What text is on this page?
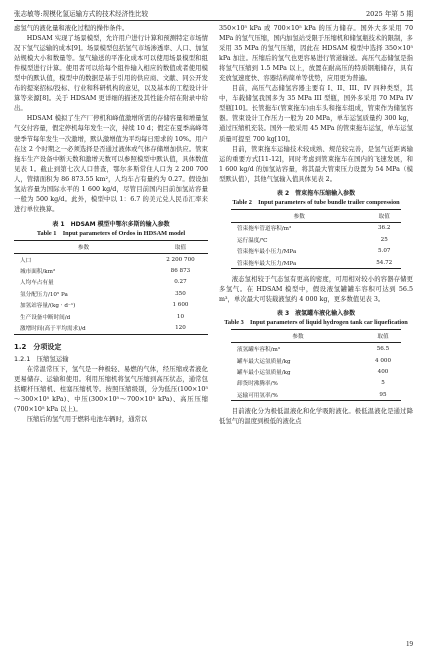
张志敏等:规模化氢运输方式的技术经济性比较	2025 年第 5 期

虑氢气的液化量和液化过程的操作条件。

HDSAM 实现了场景模型，允许用户进行计算和预测特定市场情况下氢气运输的成本[9]。场景模型包括氢气市场渗透率、人口、加氢站规模大小和数量等。氢气输送的平准化成本可以使用场景模型和组件模型进行计算。使用者可以给每个组件输入相应的数值或者使用模型中的默认值，模型中的数据是基于引用的供应商、文献、同公开发布的提案招标/投标、行业和科研机构的意见，以及基本的工程设计计算等来源[8]。关于 HDSAM 更详细的描述及其性能介绍在附录中给出。

HDSAM 模拟了生产厂停机和峰值激增所需的存储容量和增量氢气交付容量，假定停机每年发生一次，持续 10 d；假定在夏季高峰驾驶季节每年发生一次激增，默认激增值为平均每日需求的 10%。用户在这 2 个时期之一必须选择是否通过液体或气体存储增加供应。管束拖车生产设备中断天数和激增天数可以参照模型中默认值，具体数值见表 1。截止到第七次人口普查，鄂尔多斯常住人口为 2 200 700 人，管辖面积为 86 873.55 km²，人均车占有量约为 0.27。假设加氢站容量为国际水平的 1 600 kg/d，尽管目前国内目前加氢站容量一般为 500 kg/d。此外，模型中以 1：6.7 的美元兑人民币汇率来进行单位换算。

表 1　HDSAM 模型中鄂尔多斯的输入参数

Table 1　Input parameters of Ordos in HDSAM model

参数	取值
人口	2 200 700
城市面积/km²	86 873
人均车占有量	0.27
氢分配压力/10⁵ Pa	350
加氢站容量/(kg · d⁻¹)	1 600
生产设备中断时间/d	10
激增时间(高于平均需求)/d	120

1.2　分项设定

1.2.1　压缩氢运输

在常温常压下，氢气是一种极轻、易燃的气体，经压缩或者液化更易储存、运输和使用。利用压缩机将氢气压缩到高压状态，通常包括螺杆压缩机、柱塞压缩机等。按照压缩级别，分为低压(100×10⁵～300×10⁵ kPa)、中压(300×10⁵～700×10⁵ kPa)、高压压缩(700×10⁵ kPa 以上)。

压缩后的氢气用于燃料电池车辆时，通常以

350×10⁵ kPa 或 700×10⁵ kPa 的压力储存。国外大多采用 70 MPa 的氢气压缩，国内加氢站受限于压缩机和储氢瓶技术的限制，多采用 35 MPa 的氢气压缩，因此在 HDSAM 模型中选择 350×10⁵ kPa 加注。压缩后的氢气也更容易进行管道输送。高压气态储氢是指将氢气压缩到 1.5 MPa 以上，放置在耐高压的特质钢瓶储存，具有充放氢速度快、容器结构简单等优势，应用更为普遍。

目前，高压气态储氢容器主要有 I、II、III、IV 四种类型，其中，车载储氢我国多为 35 MPa III 型瓶，国外多采用 70 MPa IV 型瓶[10]。长管拖车(管束拖车)由车头和拖车组成，管束作为储氢容器。管束设计工作压力一般为 20 MPa，单车运氢质量约 300 kg，通过压缩机充装。国外一般采用 45 MPa 的管束拖车运氢，单车运氢质量可提至 700 kg[10]。

目前，管束拖车运输技术较成熟、规范较完善，是氢气近距离输运的重要方式[11-12]，同时考虑到管束拖车在国内的飞速发展，和 1 600 kg/d 的加氢站容量，将其最大管束压力设置为 54 MPa（模型默认值），其他气氢输入值具体见表 2。

表 2　管束拖车压缩输入参数

Table 2　Input parameters of tube bundle trailer compression

参数	取值
管束拖车管道容积/m³	36.2
运行温度/℃	25
管束拖车最小压力/MPa	5.07
管束拖车最大压力/MPa	54.72

液态氢相较于气态氢有更高的密度，可用相对较小的容器存储更多氢气。在 HDSAM 模型中，假设液氢罐罐车容积可达到 56.5 m³，单次最大可装载液氢约 4 000 kg，更多数值见表 3。

表 3　液氢罐车液化输入参数

Table 3　Input parameters of liquid hydrogen tank car liquefication

参数	取值
液氢罐车容积/m³	56.5
罐车最大运氢质量/kg	4 000
罐车最小运氢质量/kg	400
卸货时沸腾率/%	5
运输可用氢率/%	95

目前液化分为极低温液化和化学吸附液化。极低温液化是通过降低氢气的温度到极低的液化点

19
